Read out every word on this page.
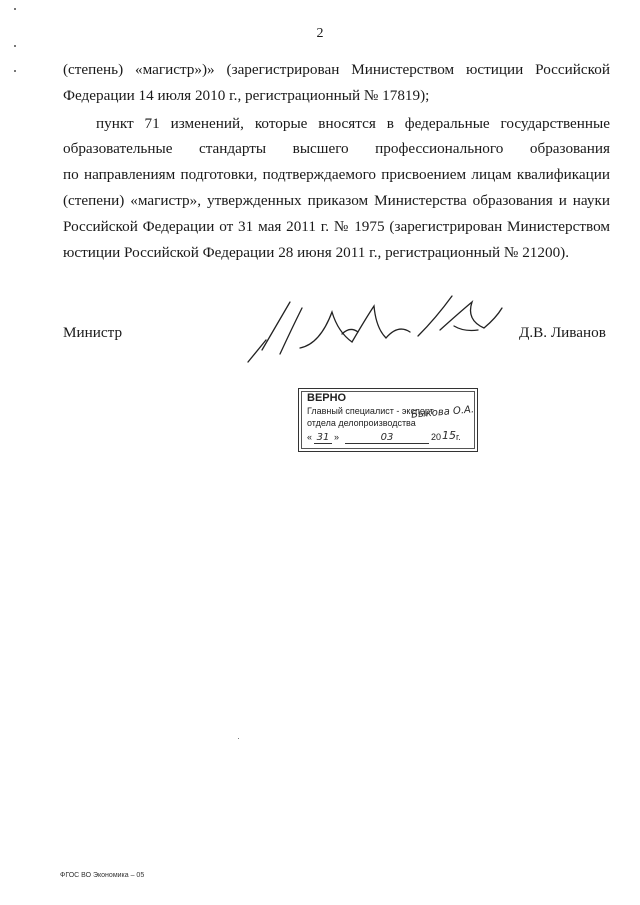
2
(степень) «магистр»)» (зарегистрирован Министерством юстиции Российской
Федерации 14 июля 2010 г., регистрационный № 17819);
пункт 71 изменений, которые вносятся в федеральные государственные
образовательные стандарты высшего профессионального образования
по направлениям подготовки, подтверждаемого присвоением лицам квалификации
(степени) «магистр», утвержденных приказом Министерства образования и науки
Российской Федерации от 31 мая 2011 г. № 1975 (зарегистрирован Министерством
юстиции Российской Федерации 28 июня 2011 г., регистрационный № 21200).
Министр	Д.В. Ливанов
ВЕРНО
Главный специалист - эксперт
отдела делопроизводства
Быкова О.А.
« 31 »	03	20 15 г.
ФГОС ВО Экономика – 05
